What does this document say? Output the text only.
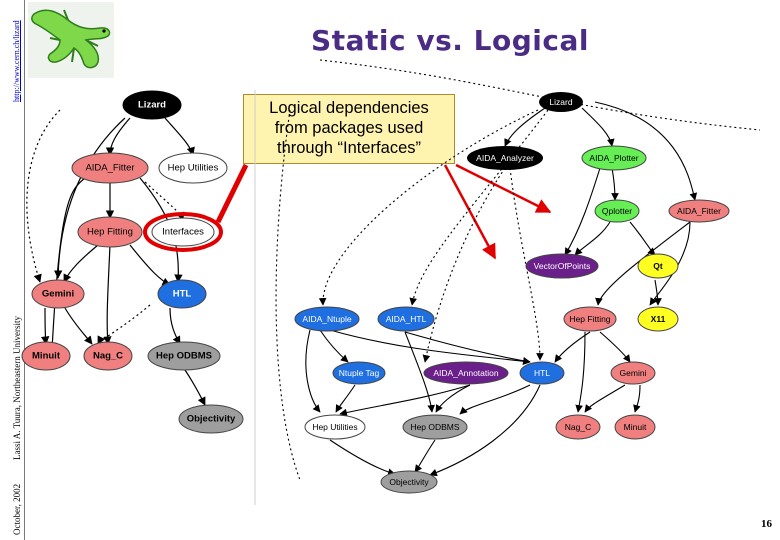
http://www.cern.ch/lizard
Lassi A. Tuura, Northeastern University
October, 2002
Static vs. Logical
Logical dependencies
from packages used
through “Interfaces”
Lizard
AIDA_Fitter	Hep Utilities
Hep Fitting	Interfaces
Gemini	HTL
Minuit	Nag_C	Hep ODBMS
Objectivity
Lizard
AIDA_Analyzer	AIDA_Plotter
Qplotter	AIDA_Fitter
VectorOfPoints	Qt
AIDA_Ntuple	AIDA_HTL	Hep Fitting	X11
Ntuple Tag	AIDA_Annotation	HTL	Gemini
Hep Utilities	Hep ODBMS	Nag_C	Minuit
Objectivity
16
